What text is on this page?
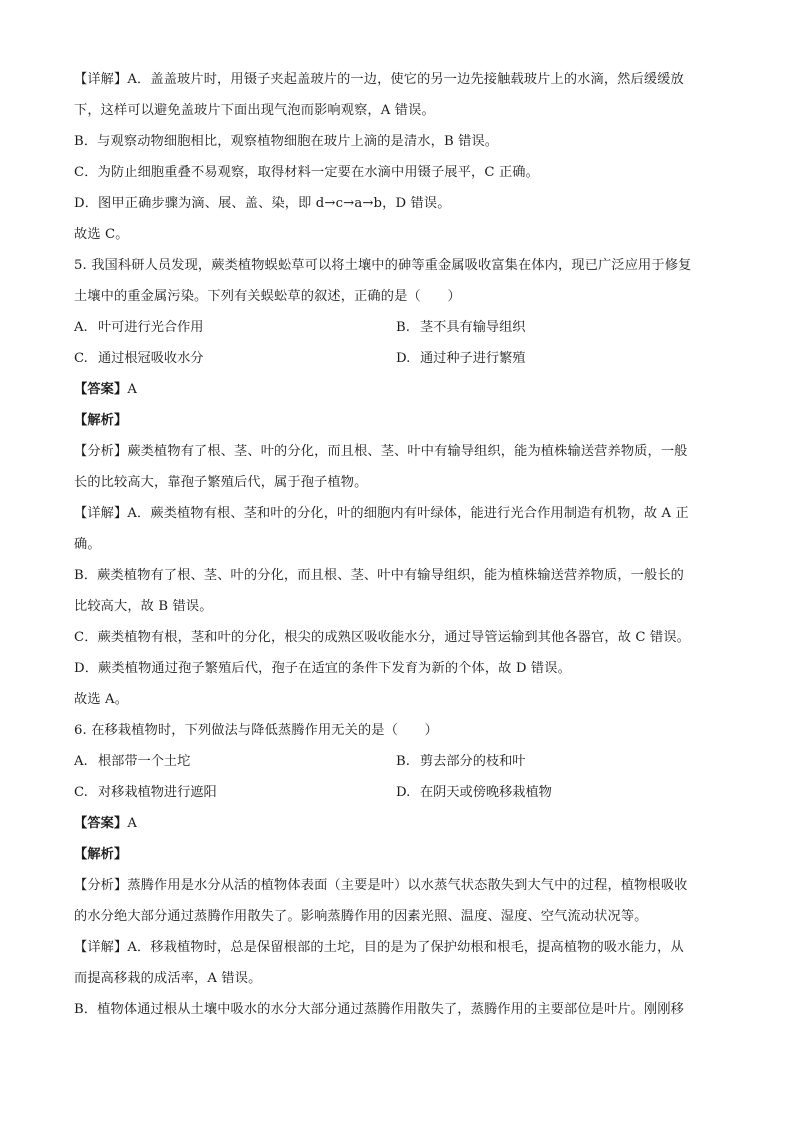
【详解】A．盖盖玻片时，用镊子夹起盖玻片的一边，使它的另一边先接触载玻片上的水滴，然后缓缓放
下，这样可以避免盖玻片下面出现气泡而影响观察，A 错误。
B．与观察动物细胞相比，观察植物细胞在玻片上滴的是清水，B 错误。
C．为防止细胞重叠不易观察，取得材料一定要在水滴中用镊子展平，C 正确。
D．图甲正确步骤为滴、展、盖、染，即 d→c→a→b，D 错误。
故选 C。
5. 我国科研人员发现，蕨类植物蜈蚣草可以将土壤中的砷等重金属吸收富集在体内，现已广泛应用于修复
土壤中的重金属污染。下列有关蜈蚣草的叙述，正确的是（　　）
A. 叶可进行光合作用	B. 茎不具有输导组织
C. 通过根冠吸收水分	D. 通过种子进行繁殖
【答案】A
【解析】
【分析】蕨类植物有了根、茎、叶的分化，而且根、茎、叶中有输导组织，能为植株输送营养物质，一般
长的比较高大，靠孢子繁殖后代，属于孢子植物。
【详解】A．蕨类植物有根、茎和叶的分化，叶的细胞内有叶绿体，能进行光合作用制造有机物，故 A 正
确。
B．蕨类植物有了根、茎、叶的分化，而且根、茎、叶中有输导组织，能为植株输送营养物质，一般长的
比较高大，故 B 错误。
C．蕨类植物有根，茎和叶的分化，根尖的成熟区吸收能水分，通过导管运输到其他各器官，故 C 错误。
D．蕨类植物通过孢子繁殖后代，孢子在适宜的条件下发育为新的个体，故 D 错误。
故选 A。
6. 在移栽植物时，下列做法与降低蒸腾作用无关的是（　　）
A. 根部带一个土坨	B. 剪去部分的枝和叶
C. 对移栽植物进行遮阳	D. 在阴天或傍晚移栽植物
【答案】A
【解析】
【分析】蒸腾作用是水分从活的植物体表面（主要是叶）以水蒸气状态散失到大气中的过程，植物根吸收
的水分绝大部分通过蒸腾作用散失了。影响蒸腾作用的因素光照、温度、湿度、空气流动状况等。
【详解】A．移栽植物时，总是保留根部的土坨，目的是为了保护幼根和根毛，提高植物的吸水能力，从
而提高移栽的成活率，A 错误。
B．植物体通过根从土壤中吸水的水分大部分通过蒸腾作用散失了，蒸腾作用的主要部位是叶片。刚刚移
